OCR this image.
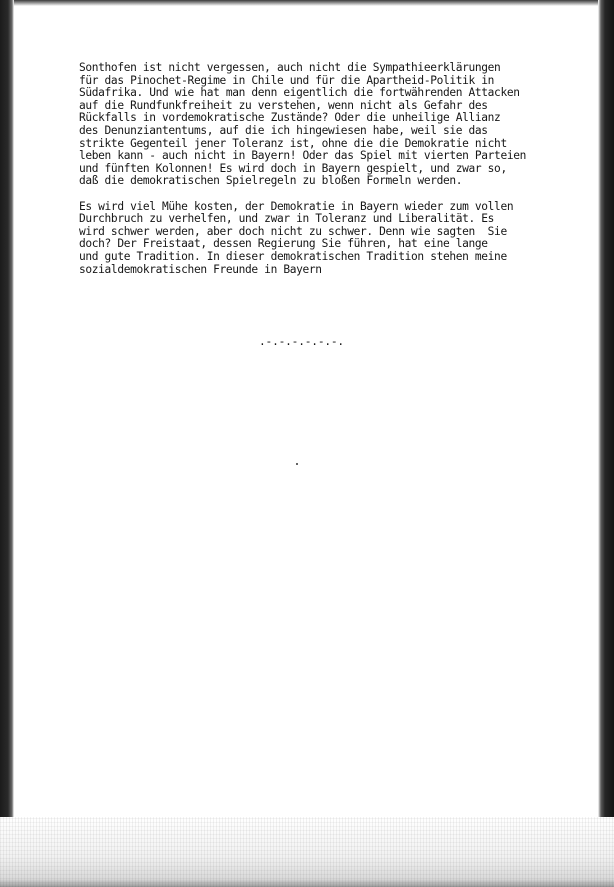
Sonthofen ist nicht vergessen, auch nicht die Sympathieerklärungen
für das Pinochet-Regime in Chile und für die Apartheid-Politik in
Südafrika. Und wie hat man denn eigentlich die fortwährenden Attacken
auf die Rundfunkfreiheit zu verstehen, wenn nicht als Gefahr des
Rückfalls in vordemokratische Zustände? Oder die unheilige Allianz
des Denunziantentums, auf die ich hingewiesen habe, weil sie das
strikte Gegenteil jener Toleranz ist, ohne die die Demokratie nicht
leben kann - auch nicht in Bayern! Oder das Spiel mit vierten Parteien
und fünften Kolonnen! Es wird doch in Bayern gespielt, und zwar so,
daß die demokratischen Spielregeln zu bloßen Formeln werden.
Es wird viel Mühe kosten, der Demokratie in Bayern wieder zum vollen
Durchbruch zu verhelfen, und zwar in Toleranz und Liberalität. Es
wird schwer werden, aber doch nicht zu schwer. Denn wie sagten  Sie
doch? Der Freistaat, dessen Regierung Sie führen, hat eine lange
und gute Tradition. In dieser demokratischen Tradition stehen meine
sozialdemokratischen Freunde in Bayern
.-.-.-.-.-.-.
